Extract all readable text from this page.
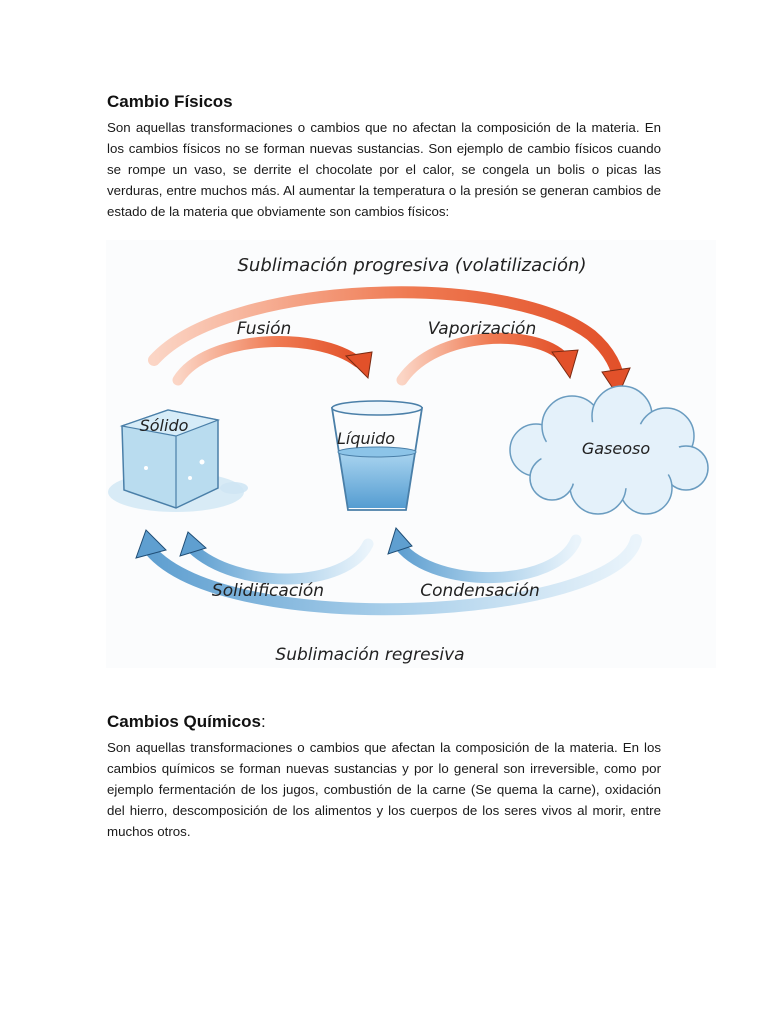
Cambio Físicos

Son aquellas transformaciones o cambios que no afectan la composición de la materia. En los cambios físicos no se forman nuevas sustancias. Son ejemplo de cambio físicos cuando se rompe un vaso, se derrite el chocolate por el calor, se congela un bolis o picas las verduras, entre muchos más. Al aumentar la temperatura o la presión se generan cambios de estado de la materia que obviamente son cambios físicos:

Sublimación progresiva (volatilización)
Fusión	Vaporización
Sólido
Líquido
Gaseoso
Solidificación	Condensación
Sublimación regresiva
Cambios Químicos:

Son aquellas transformaciones o cambios que afectan la composición de la materia. En los cambios químicos se forman nuevas sustancias y por lo general son irreversible, como por ejemplo fermentación de los jugos, combustión de la carne (Se quema la carne), oxidación del hierro, descomposición de los alimentos y los cuerpos de los seres vivos al morir, entre muchos otros.
